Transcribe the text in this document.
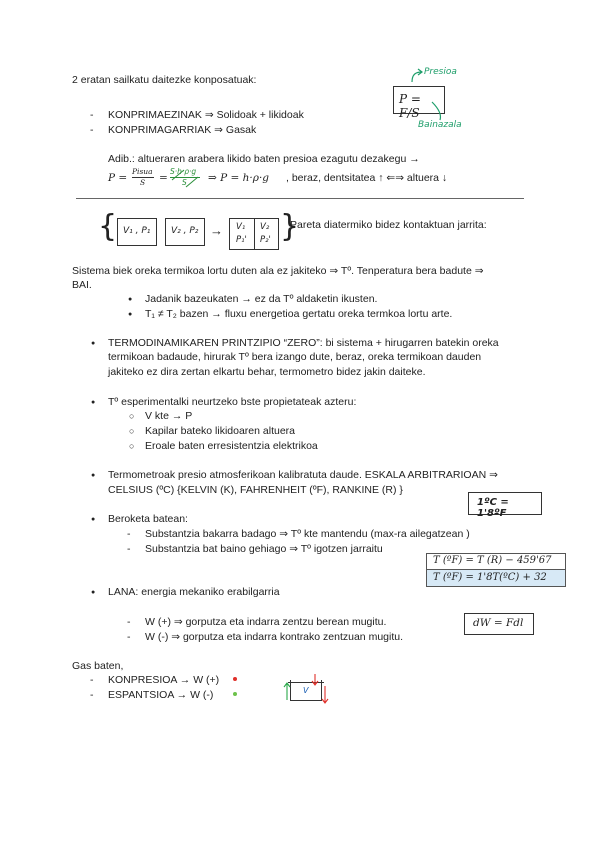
2 eratan sailkatu daitezke konposatuak:
P = F/S
Presioa
Bainazala
- KONPRIMAEZINAK ⇒ Solidoak + likidoak
- KONPRIMAGARRIAK ⇒ Gasak
Adib.: altueraren arabera likido baten presioa ezagutu dezakegu →
P =
Pisua
S =
S·h·ρ·g
S ⇒ P = h·ρ·g , beraz, dentsitatea ↑ ⇐⇒ altuera ↓
{ V₁ , P₁ V₂ , P₂ → V₁
P₁'
V₂
P₂' }
Pareta diatermiko bidez kontaktuan jarrita:
Sistema biek oreka termikoa lortu duten ala ez jakiteko ⇒ Tº. Tenperatura bera badute ⇒
BAI.
● Jadanik bazeukaten → ez da Tº aldaketin ikusten.
● T₁ ≠ T₂ bazen → fluxu energetioa gertatu oreka termkoa lortu arte.
● TERMODINAMIKAREN PRINTZIPIO “ZERO”: bi sistema + hirugarren batekin oreka
termikoan badaude, hirurak Tº bera izango dute, beraz, oreka termikoan dauden
jakiteko ez dira zertan elkartu behar, termometro bidez jakin daiteke.
● Tº esperimentalki neurtzeko bste propietateak azteru:
○ V kte → P
○ Kapilar bateko likidoaren altuera
○ Eroale baten erresistentzia elektrikoa
● Termometroak presio atmosferikoan kalibratuta daude. ESKALA ARBITRARIOAN ⇒
CELSIUS (ºC) {KELVIN (K), FAHRENHEIT (ºF), RANKINE (R) }
1ºC = 1'8ºF
● Beroketa batean:
- Substantzia bakarra badago ⇒ Tº kte mantendu (max-ra ailegatzean )
- Substantzia bat baino gehiago ⇒ Tº igotzen jarraitu
T (ºF) = T (R) − 459'67
T (ºF) = 1'8T(ºC) + 32
● LANA: energia mekaniko erabilgarria
- W (+) ⇒ gorputza eta indarra zentzu berean mugitu.
- W (-) ⇒ gorputza eta indarra kontrako zentzuan mugitu.
dW = Fdl
Gas baten,
- KONPRESIOA → W (+)
- ESPANTSIOA → W (-)	V
